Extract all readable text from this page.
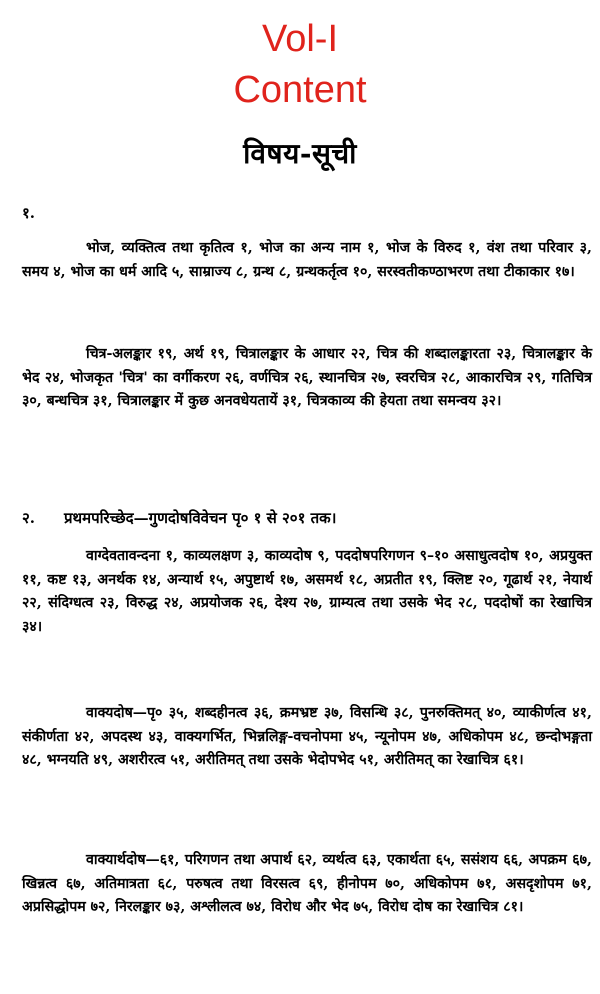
Vol-I
Content
विषय-सूची
१.

भोज, व्यक्तित्व तथा कृतित्व १, भोज का अन्य नाम १, भोज के विरुद १, वंश तथा परिवार ३, समय ४, भोज का धर्म आदि ५, साम्राज्य ८, ग्रन्थ ८, ग्रन्थकर्तृत्व १०, सरस्वतीकण्ठाभरण तथा टीकाकार १७।

चित्र-अलङ्कार १९, अर्थ १९, चित्रालङ्कार के आधार २२, चित्र की शब्दालङ्कारता २३, चित्रालङ्कार के भेद २४, भोजकृत 'चित्र' का वर्गीकरण २६, वर्णचित्र २६, स्थानचित्र २७, स्वरचित्र २८, आकारचित्र २९, गतिचित्र ३०, बन्धचित्र ३१, चित्रालङ्कार में कुछ अनवधेयतायें ३१, चित्रकाव्य की हेयता तथा समन्वय ३२।

२. प्रथमपरिच्छेद—गुणदोषविवेचन पृ० १ से २०१ तक।

वाग्देवतावन्दना १, काव्यलक्षण ३, काव्यदोष ९, पददोषपरिगणन ९–१० असाधुत्वदोष १०, अप्रयुक्त ११, कष्ट १३, अनर्थक १४, अन्यार्थ १५, अपुष्टार्थ १७, असमर्थ १८, अप्रतीत १९, क्लिष्ट २०, गूढार्थ २१, नेयार्थ २२, संदिग्धत्व २३, विरुद्ध २४, अप्रयोजक २६, देश्य २७, ग्राम्यत्व तथा उसके भेद २८, पददोषों का रेखाचित्र ३४।

वाक्यदोष—पृ० ३५, शब्दहीनत्व ३६, क्रमभ्रष्ट ३७, विसन्धि ३८, पुनरुक्तिमत् ४०, व्याकीर्णत्व ४१, संकीर्णता ४२, अपदस्थ ४३, वाक्यगर्भित, भिन्नलिङ्ग-वचनोपमा ४५, न्यूनोपम ४७, अधिकोपम ४८, छन्दोभङ्गता ४८, भग्नयति ४९, अशरीरत्व ५१, अरीतिमत् तथा उसके भेदोपभेद ५१, अरीतिमत् का रेखाचित्र ६१।

वाक्यार्थदोष—६१, परिगणन तथा अपार्थ ६२, व्यर्थत्व ६३, एकार्थता ६५, ससंशय ६६, अपक्रम ६७, खिन्नत्व ६७, अतिमात्रता ६८, परुषत्व तथा विरसत्व ६९, हीनोपम ७०, अधिकोपम ७१, असदृशोपम ७१, अप्रसिद्धोपम ७२, निरलङ्कार ७३, अश्लीलत्व ७४, विरोध और भेद ७५, विरोध दोष का रेखाचित्र ८१।
